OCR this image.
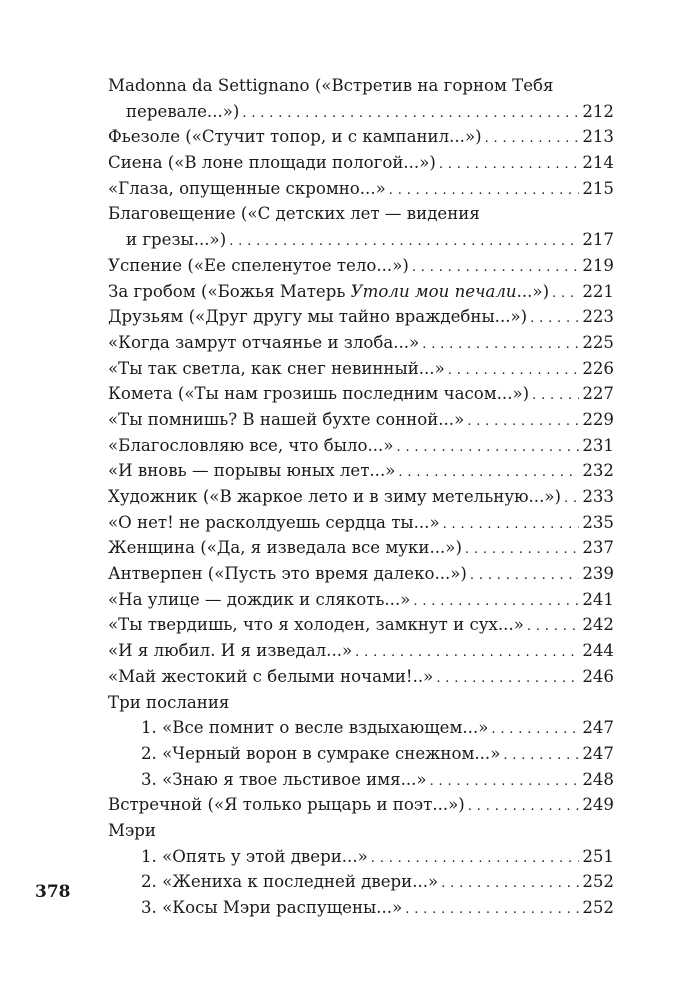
Madonna da Settignano («Встретив на горном Тебя
перевале...») . . .	212
Фьезоле («Стучит топор, и с кампанил...») . . .	213
Сиена («В лоне площади пологой...») . . .	214
«Глаза, опущенные скромно...» . . .	215
Благовещение («С детских лет — видения
и грезы...») . . .	217
Успение («Ее спеленутое тело...») . . .	219
За гробом («Божья Матерь Утоли мои печали...») . . . 221
Друзьям («Друг другу мы тайно враждебны...») . . .	223
«Когда замрут отчаянье и злоба...» . . .	225
«Ты так светла, как снег невинный...» . . .	226
Комета («Ты нам грозишь последним часом...») . . .	227
«Ты помнишь? В нашей бухте сонной...» . . .	229
«Благословляю все, что было...» . . .	231
«И вновь — порывы юных лет...» . . .	232
Художник («В жаркое лето и в зиму метельную...») . . . 233
«О нет! не расколдуешь сердца ты...» . . .	235
Женщина («Да, я изведала все муки...») . . .	237
Антверпен («Пусть это время далеко...») . . .	239
«На улице — дождик и слякоть...» . . .	241
«Ты твердишь, что я холоден, замкнут и сух...» . . .	242
«И я любил. И я изведал...» . . .	244
«Май жестокий с белыми ночами!..» . . .	246
Три послания
1. «Все помнит о весле вздыхающем...» . . .	247
2. «Черный ворон в сумраке снежном...» . . .	247
3. «Знаю я твое льстивое имя...» . . .	248
Встречной («Я только рыцарь и поэт...») . . .	249
Мэри
1. «Опять у этой двери...» . . .	251
2. «Жениха к последней двери...» . . .	252
3. «Косы Мэри распущены...» . . .	252
378
